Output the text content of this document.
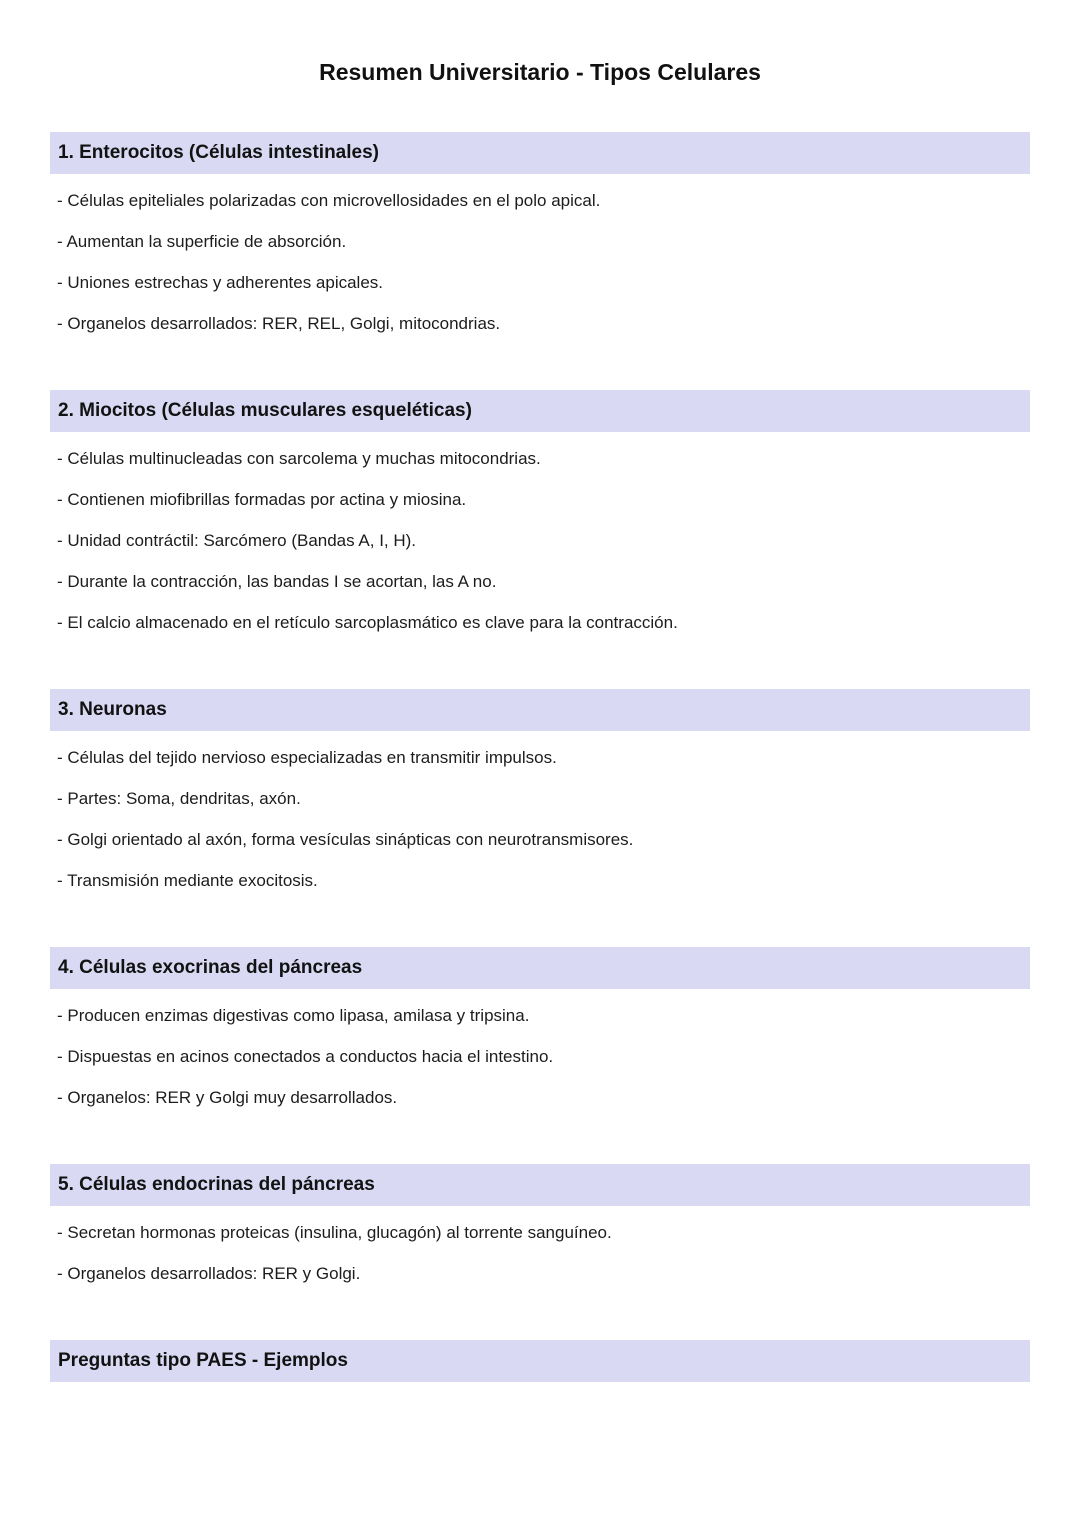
Resumen Universitario - Tipos Celulares
1. Enterocitos (Células intestinales)

- Células epiteliales polarizadas con microvellosidades en el polo apical.

- Aumentan la superficie de absorción.

- Uniones estrechas y adherentes apicales.

- Organelos desarrollados: RER, REL, Golgi, mitocondrias.

2. Miocitos (Células musculares esqueléticas)

- Células multinucleadas con sarcolema y muchas mitocondrias.

- Contienen miofibrillas formadas por actina y miosina.

- Unidad contráctil: Sarcómero (Bandas A, I, H).

- Durante la contracción, las bandas I se acortan, las A no.

- El calcio almacenado en el retículo sarcoplasmático es clave para la contracción.

3. Neuronas

- Células del tejido nervioso especializadas en transmitir impulsos.

- Partes: Soma, dendritas, axón.

- Golgi orientado al axón, forma vesículas sinápticas con neurotransmisores.

- Transmisión mediante exocitosis.

4. Células exocrinas del páncreas

- Producen enzimas digestivas como lipasa, amilasa y tripsina.

- Dispuestas en acinos conectados a conductos hacia el intestino.

- Organelos: RER y Golgi muy desarrollados.

5. Células endocrinas del páncreas

- Secretan hormonas proteicas (insulina, glucagón) al torrente sanguíneo.

- Organelos desarrollados: RER y Golgi.

Preguntas tipo PAES - Ejemplos
